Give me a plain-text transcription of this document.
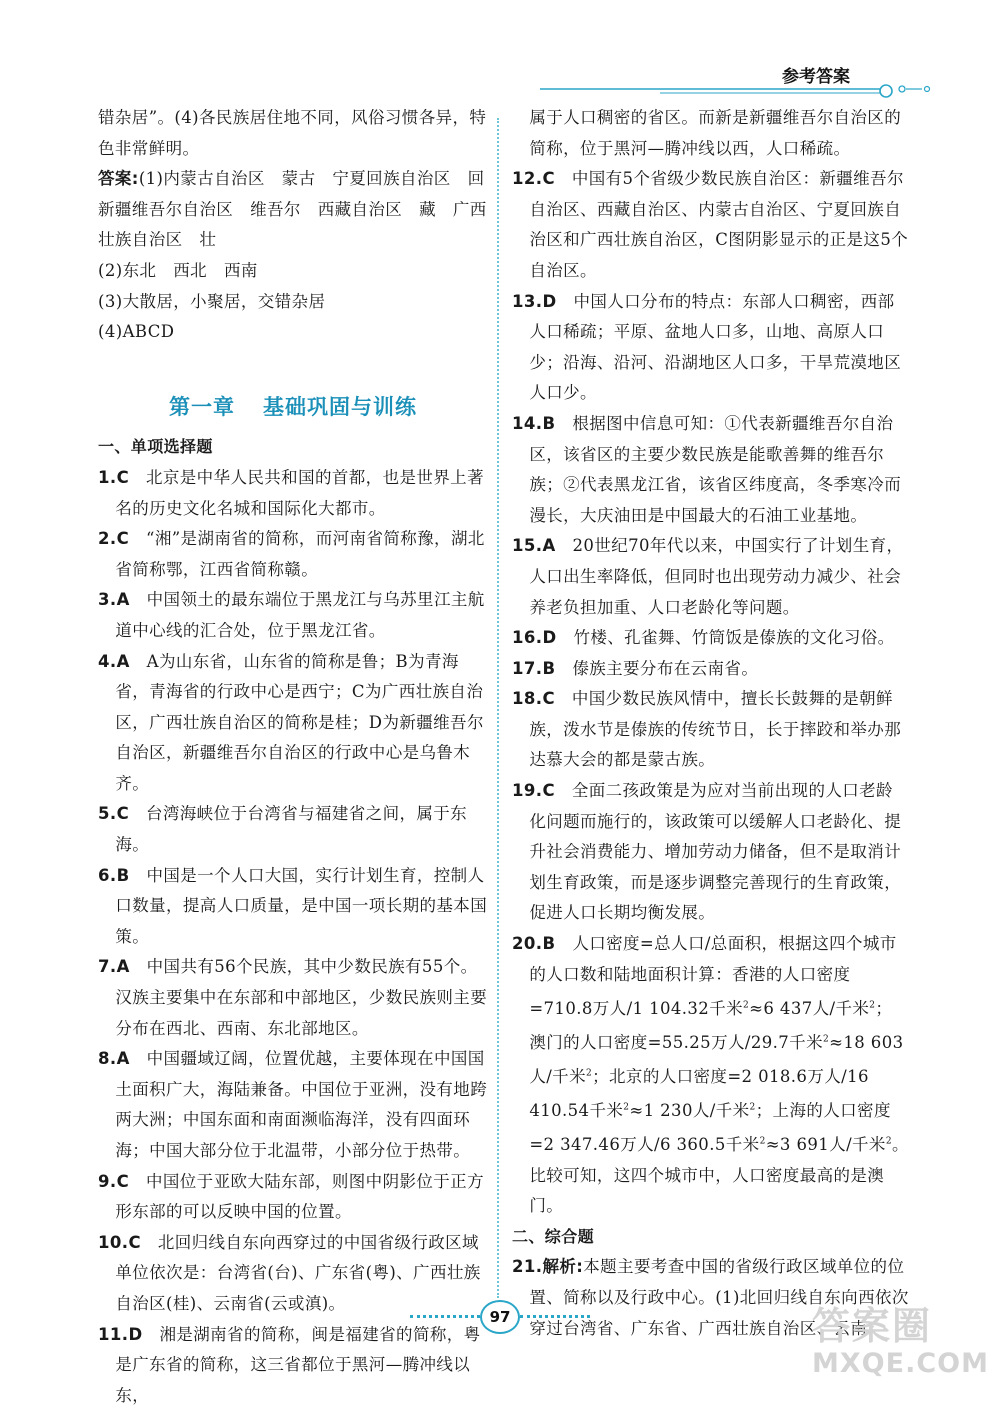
参考答案

错杂居”。(4)各民族居住地不同，风俗习惯各异，特色非常鲜明。

答案:(1)内蒙古自治区　蒙古　宁夏回族自治区　回　新疆维吾尔自治区　维吾尔　西藏自治区　藏　广西壮族自治区　壮

(2)东北　西北　西南

(3)大散居，小聚居，交错杂居

(4)ABCD

第一章 基础巩固与训练

一、单项选择题

1.C　 北京是中华人民共和国的首都，也是世界上著名的历史文化名城和国际化大都市。

2.C　 “湘”是湖南省的简称，而河南省简称豫，湖北省简称鄂，江西省简称赣。

3.A　 中国领土的最东端位于黑龙江与乌苏里江主航道中心线的汇合处，位于黑龙江省。

4.A　 A为山东省，山东省的简称是鲁；B为青海省，青海省的行政中心是西宁；C为广西壮族自治区，广西壮族自治区的简称是桂；D为新疆维吾尔自治区，新疆维吾尔自治区的行政中心是乌鲁木齐。

5.C　 台湾海峡位于台湾省与福建省之间，属于东海。

6.B　 中国是一个人口大国，实行计划生育，控制人口数量，提高人口质量，是中国一项长期的基本国策。

7.A　 中国共有56个民族，其中少数民族有55个。汉族主要集中在东部和中部地区，少数民族则主要分布在西北、西南、东北部地区。

8.A　 中国疆域辽阔，位置优越，主要体现在中国国土面积广大，海陆兼备。中国位于亚洲，没有地跨两大洲；中国东面和南面濒临海洋，没有四面环海；中国大部分位于北温带，小部分位于热带。

9.C　 中国位于亚欧大陆东部，则图中阴影位于正方形东部的可以反映中国的位置。

10.C　 北回归线自东向西穿过的中国省级行政区域单位依次是：台湾省(台)、广东省(粤)、广西壮族自治区(桂)、云南省(云或滇)。

11.D　 湘是湖南省的简称，闽是福建省的简称，粤是广东省的简称，这三省都位于黑河—腾冲线以东，

属于人口稠密的省区。而新是新疆维吾尔自治区的简称，位于黑河—腾冲线以西，人口稀疏。

12.C　 中国有5个省级少数民族自治区：新疆维吾尔自治区、西藏自治区、内蒙古自治区、宁夏回族自治区和广西壮族自治区，C图阴影显示的正是这5个自治区。

13.D　 中国人口分布的特点：东部人口稠密，西部人口稀疏；平原、盆地人口多，山地、高原人口少；沿海、沿河、沿湖地区人口多，干旱荒漠地区人口少。

14.B　 根据图中信息可知：①代表新疆维吾尔自治区，该省区的主要少数民族是能歌善舞的维吾尔族；②代表黑龙江省，该省区纬度高，冬季寒冷而漫长，大庆油田是中国最大的石油工业基地。

15.A　 20世纪70年代以来，中国实行了计划生育，人口出生率降低，但同时也出现劳动力减少、社会养老负担加重、人口老龄化等问题。

16.D　 竹楼、孔雀舞、竹筒饭是傣族的文化习俗。

17.B　 傣族主要分布在云南省。

18.C　 中国少数民族风情中，擅长长鼓舞的是朝鲜族，泼水节是傣族的传统节日，长于摔跤和举办那达慕大会的都是蒙古族。

19.C　 全面二孩政策是为应对当前出现的人口老龄化问题而施行的，该政策可以缓解人口老龄化、提升社会消费能力、增加劳动力储备，但不是取消计划生育政策，而是逐步调整完善现行的生育政策，促进人口长期均衡发展。

20.B　 人口密度=总人口/总面积，根据这四个城市的人口数和陆地面积计算：香港的人口密度=710.8万人/1 104.32千米$^2$≈6 437人/千米$^2$；澳门的人口密度=55.25万人/29.7千米$^2$≈18 603人/千米$^2$；北京的人口密度=2 018.6万人/16 410.54千米$^2$≈1 230人/千米$^2$；上海的人口密度=2 347.46万人/6 360.5千米$^2$≈3 691人/千米$^2$。比较可知，这四个城市中，人口密度最高的是澳门。

二、综合题

21.解析:本题主要考查中国的省级行政区域单位的位置、简称以及行政中心。(1)北回归线自东向西依次穿过台湾省、广东省、广西壮族自治区、云南

97	答案圈
MXQE.COM
